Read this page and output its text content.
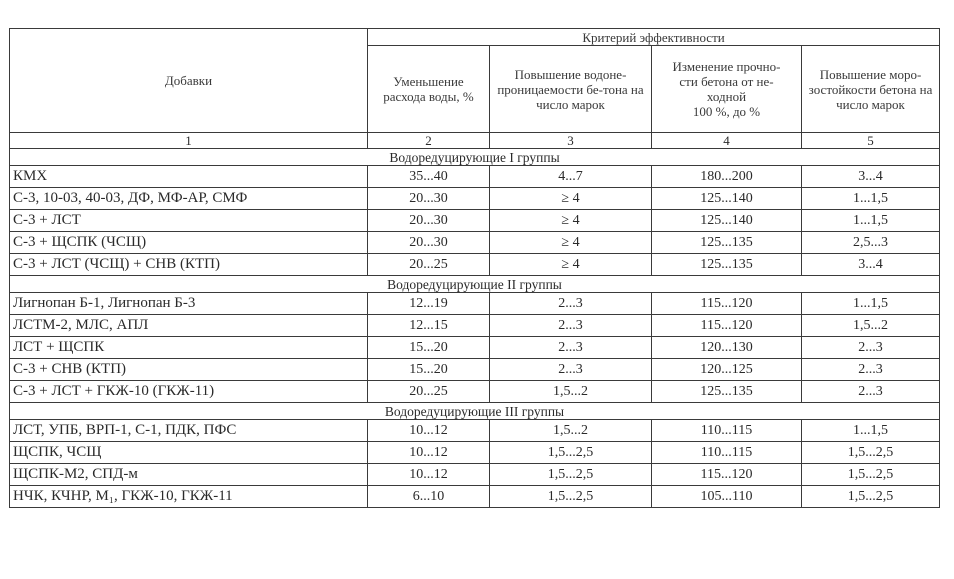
Добавки	Критерий эффективности			
	Уменьшение расхода воды, %	Повышение водоне-проницаемости бе-тона на число марок	Изменение прочно-
сти бетона от не-
ходной
100 %, до %	Повышение моро-зостойкости бетона на число марок
1	2	3	4	5
Водоредуцирующие I группы				
КМХ	35...40	4...7	180...200	3...4
С-3, 10-03, 40-03, ДФ, МФ-АР, СМФ	20...30	≥ 4	125...140	1...1,5
С-3 + ЛСТ	20...30	≥ 4	125...140	1...1,5
С-3 + ЩСПК (ЧСЩ)	20...30	≥ 4	125...135	2,5...3
С-3 + ЛСТ (ЧСЩ) + СНВ (КТП)	20...25	≥ 4	125...135	3...4
Водоредуцирующие II группы				
Лигнопан Б-1, Лигнопан Б-3	12...19	2...3	115...120	1...1,5
ЛСТМ-2, МЛС, АПЛ	12...15	2...3	115...120	1,5...2
ЛСТ + ЩСПК	15...20	2...3	120...130	2...3
С-3 + СНВ (КТП)	15...20	2...3	120...125	2...3
С-3 + ЛСТ + ГКЖ-10 (ГКЖ-11)	20...25	1,5...2	125...135	2...3
Водоредуцирующие III группы				
ЛСТ, УПБ, ВРП-1, С-1, ПДК, ПФС	10...12	1,5...2	110...115	1...1,5
ЩСПК, ЧСЩ	10...12	1,5...2,5	110...115	1,5...2,5
ЩСПК-М2, СПД-м	10...12	1,5...2,5	115...120	1,5...2,5
НЧК, КЧНР, М₁, ГКЖ-10, ГКЖ-11	6...10	1,5...2,5	105...110	1,5...2,5
